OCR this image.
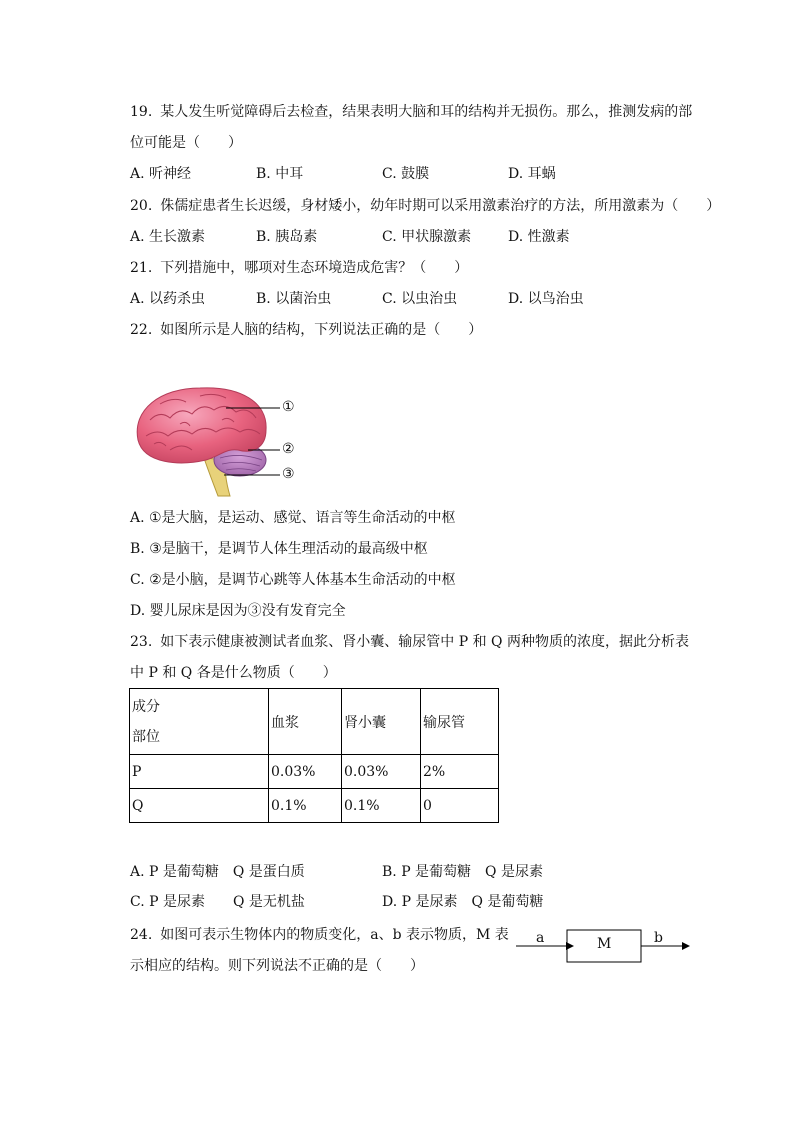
19. 某人发生听觉障碍后去检查，结果表明大脑和耳的结构并无损伤。那么，推测发病的部
位可能是（　　）
A. 听神经	B. 中耳	C. 鼓膜	D. 耳蜗
20. 侏儒症患者生长迟缓，身材矮小，幼年时期可以采用激素治疗的方法，所用激素为（　　）
A. 生长激素	B. 胰岛素	C. 甲状腺激素	D. 性激素
21. 下列措施中，哪项对生态环境造成危害？（　　）
A. 以药杀虫	B. 以菌治虫	C. 以虫治虫	D. 以鸟治虫
22. 如图所示是人脑的结构，下列说法正确的是（　　）
①
②
③
A. ①是大脑，是运动、感觉、语言等生命活动的中枢
B. ③是脑干，是调节人体生理活动的最高级中枢
C. ②是小脑，是调节心跳等人体基本生命活动的中枢
D. 婴儿尿床是因为③没有发育完全
23. 如下表示健康被测试者血浆、肾小囊、输尿管中 P 和 Q 两种物质的浓度，据此分析表
中 P 和 Q 各是什么物质（　　）
成分
部位	血浆	肾小囊	输尿管
P	0.03%	0.03%	2%
Q	0.1%	0.1%	0
A. P 是葡萄糖　Q 是蛋白质	B. P 是葡萄糖　Q 是尿素
C. P 是尿素　　Q 是无机盐	D. P 是尿素　Q 是葡萄糖
24. 如图可表示生物体内的物质变化，a、b 表示物质，M 表
示相应的结构。则下列说法不正确的是（　　）
a	M	b
